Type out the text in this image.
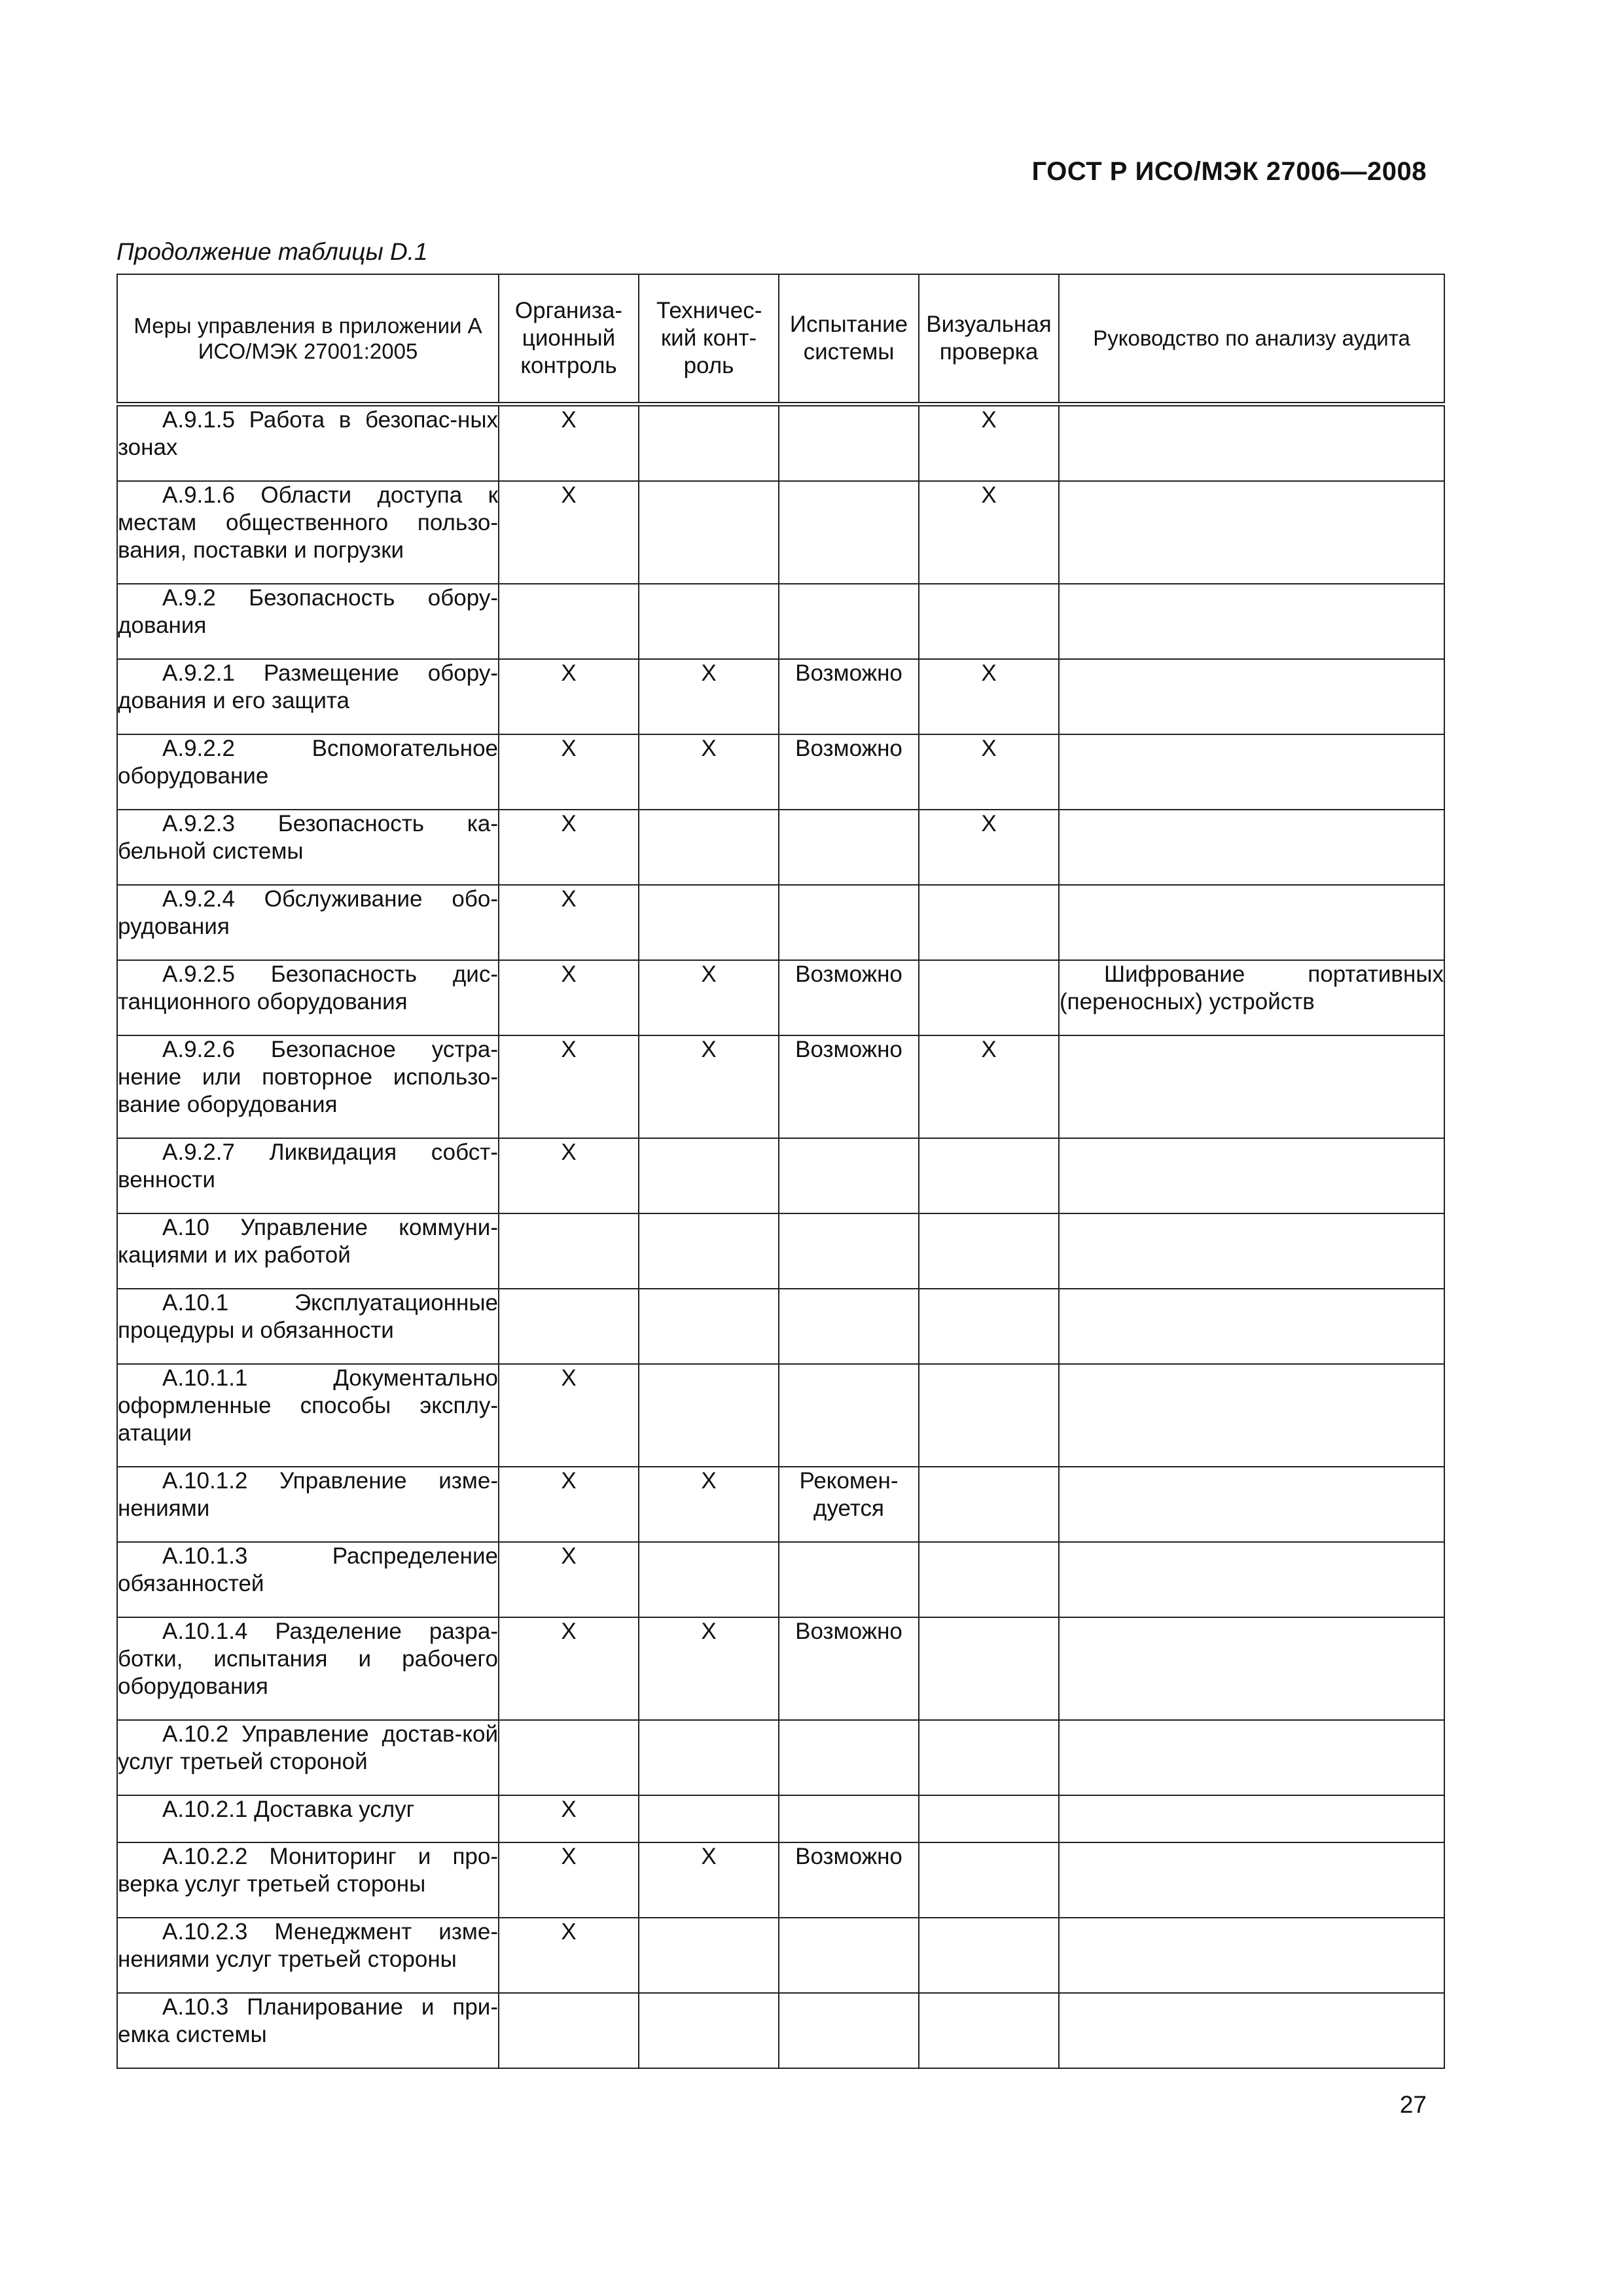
ГОСТ Р ИСО/МЭК 27006—2008
Продолжение таблицы D.1
Меры управления в приложении А ИСО/МЭК 27001:2005	Организа-ционный контроль	Техничес-кий конт-роль	Испытание системы	Визуальная проверка	Руководство по анализу аудита
А.9.1.5 Работа в безопас-ных зонах	X			X	
А.9.1.6 Области доступа к местам общественного пользо-вания, поставки и погрузки	X			X	
А.9.2 Безопасность обору-дования					
А.9.2.1 Размещение обору-дования и его защита	X	X	Возможно	X	
А.9.2.2 Вспомогательное оборудование	X	X	Возможно	X	
А.9.2.3 Безопасность ка-бельной системы	X			X	
А.9.2.4 Обслуживание обо-рудования	X				
А.9.2.5 Безопасность дис-танционного оборудования	X	X	Возможно		Шифрование портативных (переносных) устройств
А.9.2.6 Безопасное устра-нение или повторное использо-вание оборудования	X	X	Возможно	X	
А.9.2.7 Ликвидация собст-венности	X				
А.10 Управление коммуни-кациями и их работой					
А.10.1 Эксплуатационные процедуры и обязанности					
А.10.1.1 Документально оформленные способы эксплу-атации	X				
А.10.1.2 Управление изме-нениями	X	X	Рекомен-дуется		
А.10.1.3 Распределение обязанностей	X				
А.10.1.4 Разделение разра-ботки, испытания и рабочего оборудования	X	X	Возможно		
А.10.2 Управление достав-кой услуг третьей стороной					
А.10.2.1 Доставка услуг	X				
А.10.2.2 Мониторинг и про-верка услуг третьей стороны	X	X	Возможно		
А.10.2.3 Менеджмент изме-нениями услуг третьей стороны	X				
А.10.3 Планирование и при-емка системы					
27
